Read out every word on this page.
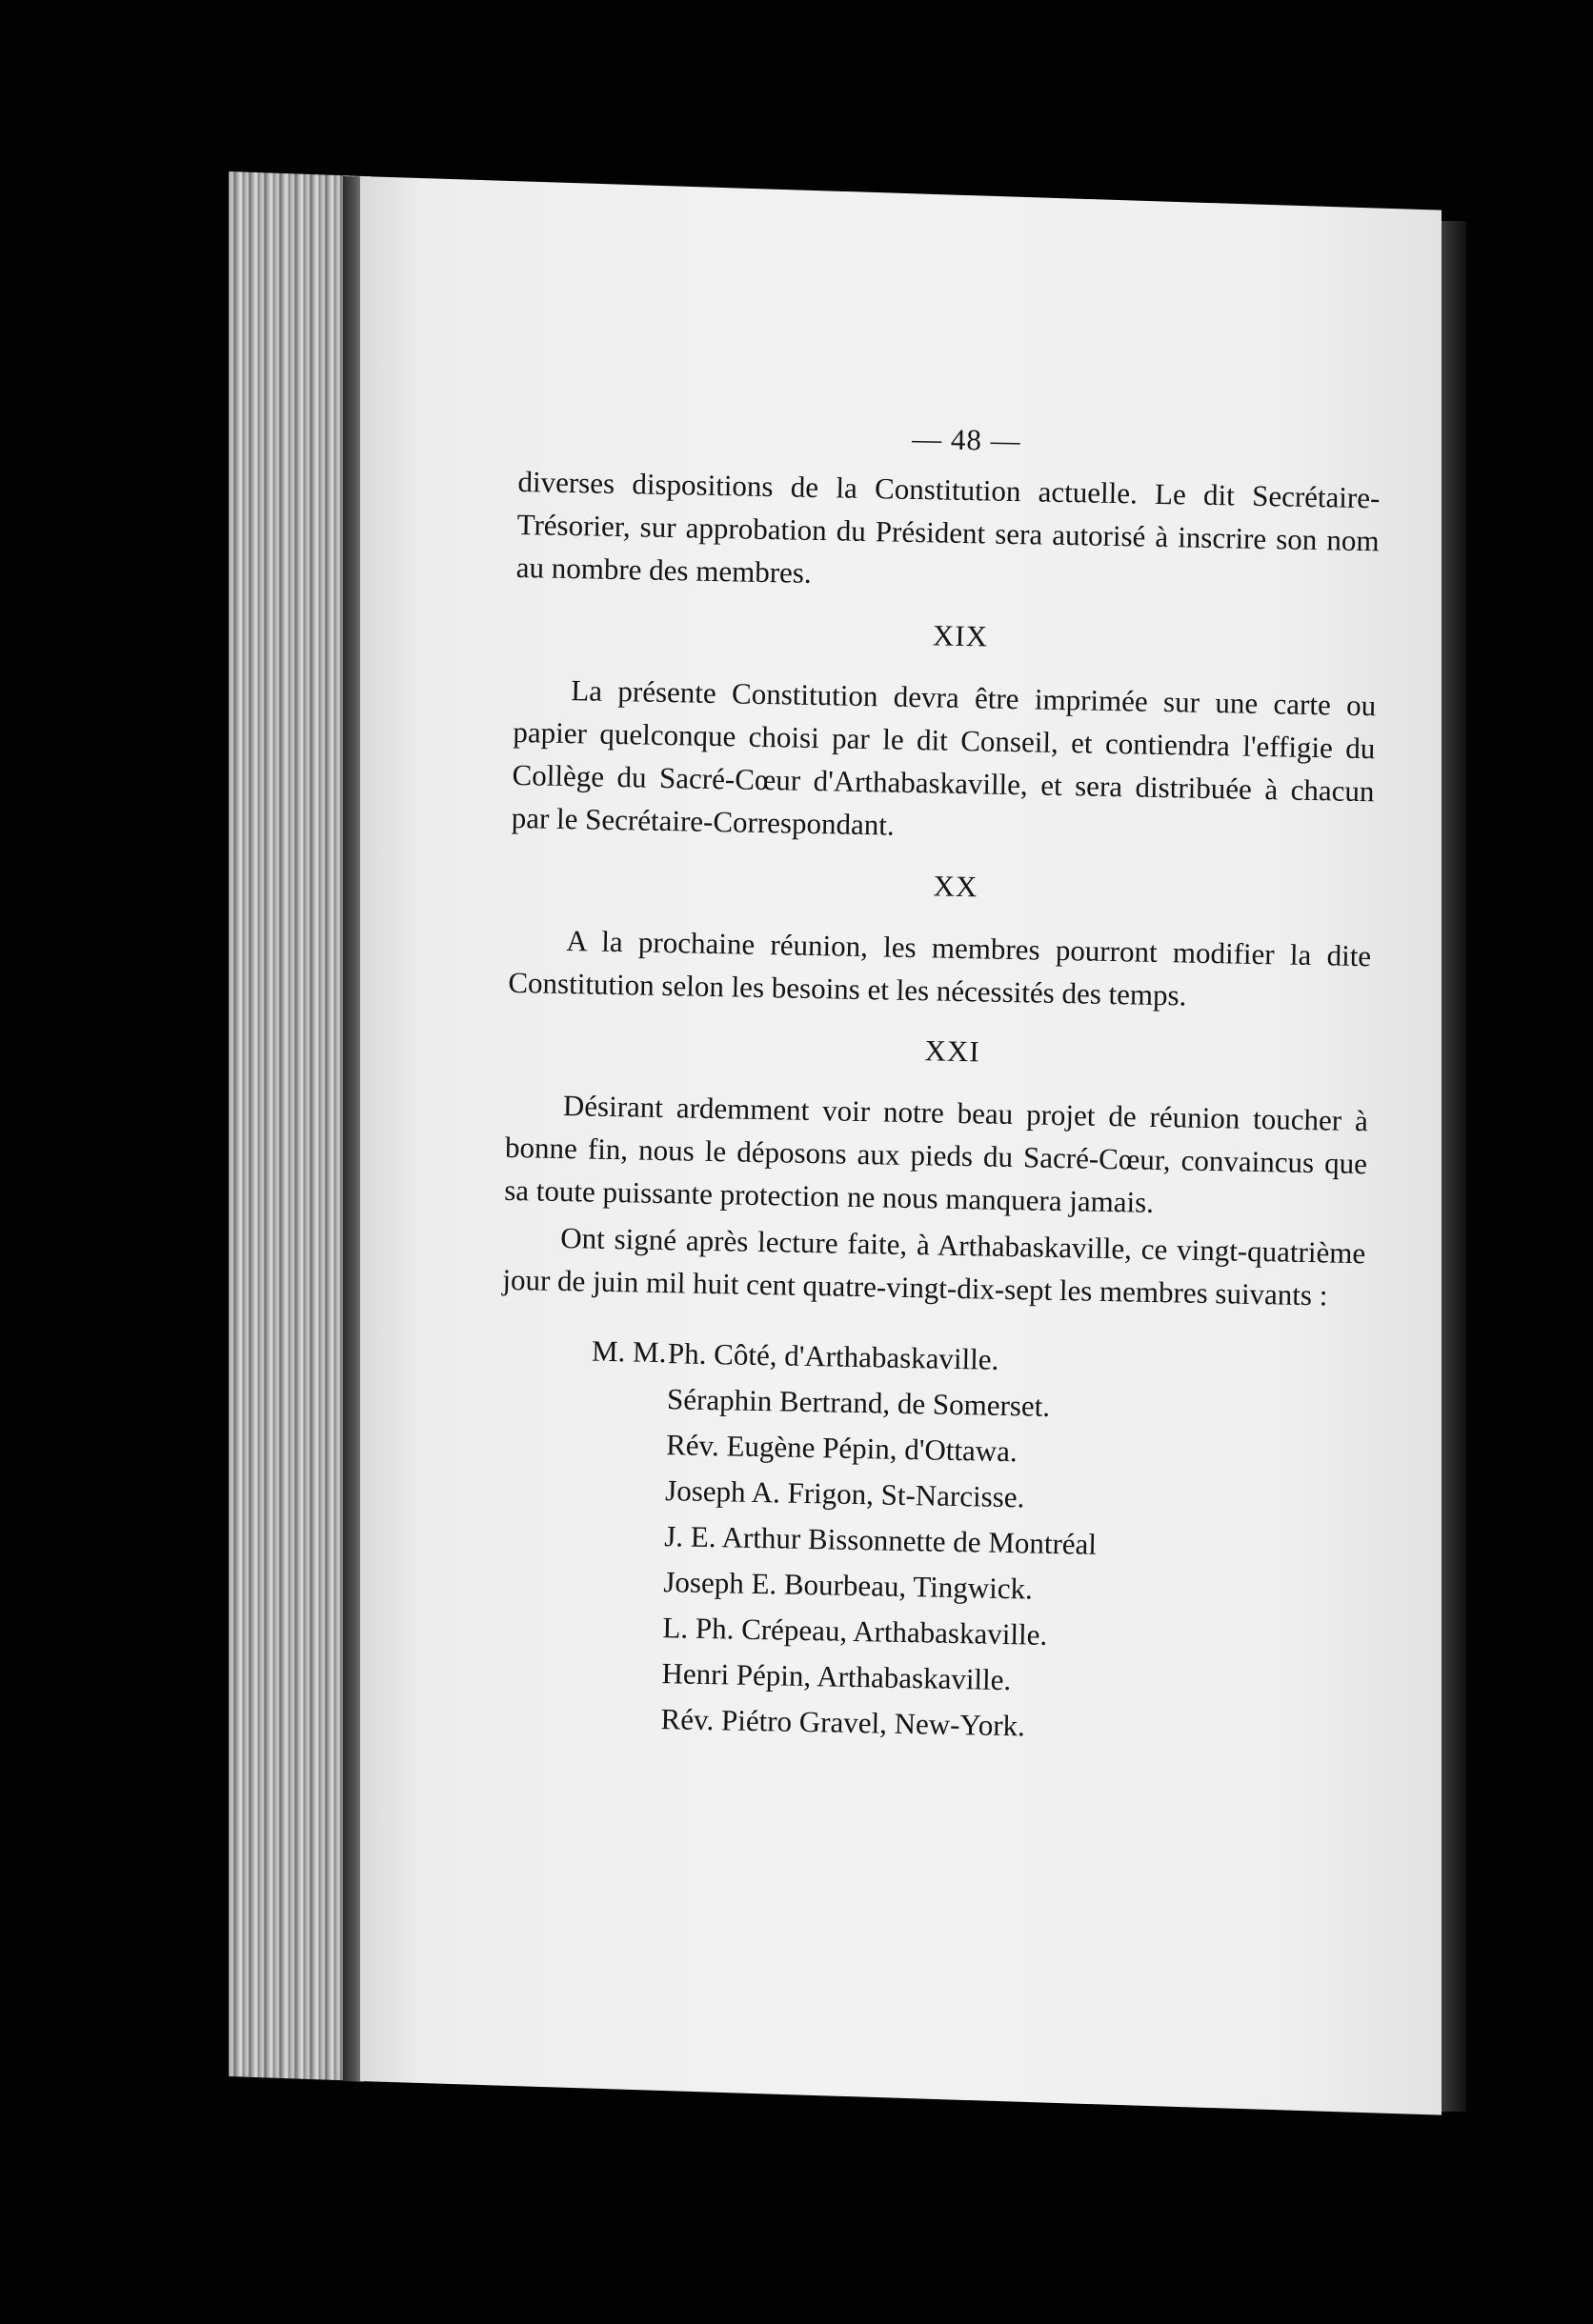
— 48 —

diverses dispositions de la Constitution actuelle. Le dit Secrétaire-Trésorier, sur approbation du Président sera autorisé à inscrire son nom au nombre des membres.

XIX

La présente Constitution devra être imprimée sur une carte ou papier quelconque choisi par le dit Conseil, et contiendra l'effigie du Collège du Sacré-Cœur d'Arthabaskaville, et sera distribuée à chacun par le Secrétaire-Correspondant.

XX

A la prochaine réunion, les membres pourront modifier la dite Constitution selon les besoins et les nécessités des temps.

XXI

Désirant ardemment voir notre beau projet de réunion toucher à bonne fin, nous le déposons aux pieds du Sacré-Cœur, convaincus que sa toute puissante protection ne nous manquera jamais.

Ont signé après lecture faite, à Arthabaskaville, ce vingt-quatrième jour de juin mil huit cent quatre-vingt-dix-sept les membres suivants :

M. M. Ph. Côté, d'Arthabaskaville.
Séraphin Bertrand, de Somerset.
Rév. Eugène Pépin, d'Ottawa.
Joseph A. Frigon, St-Narcisse.
J. E. Arthur Bissonnette de Montréal
Joseph E. Bourbeau, Tingwick.
L. Ph. Crépeau, Arthabaskaville.
Henri Pépin, Arthabaskaville.
Rév. Piétro Gravel, New-York.
